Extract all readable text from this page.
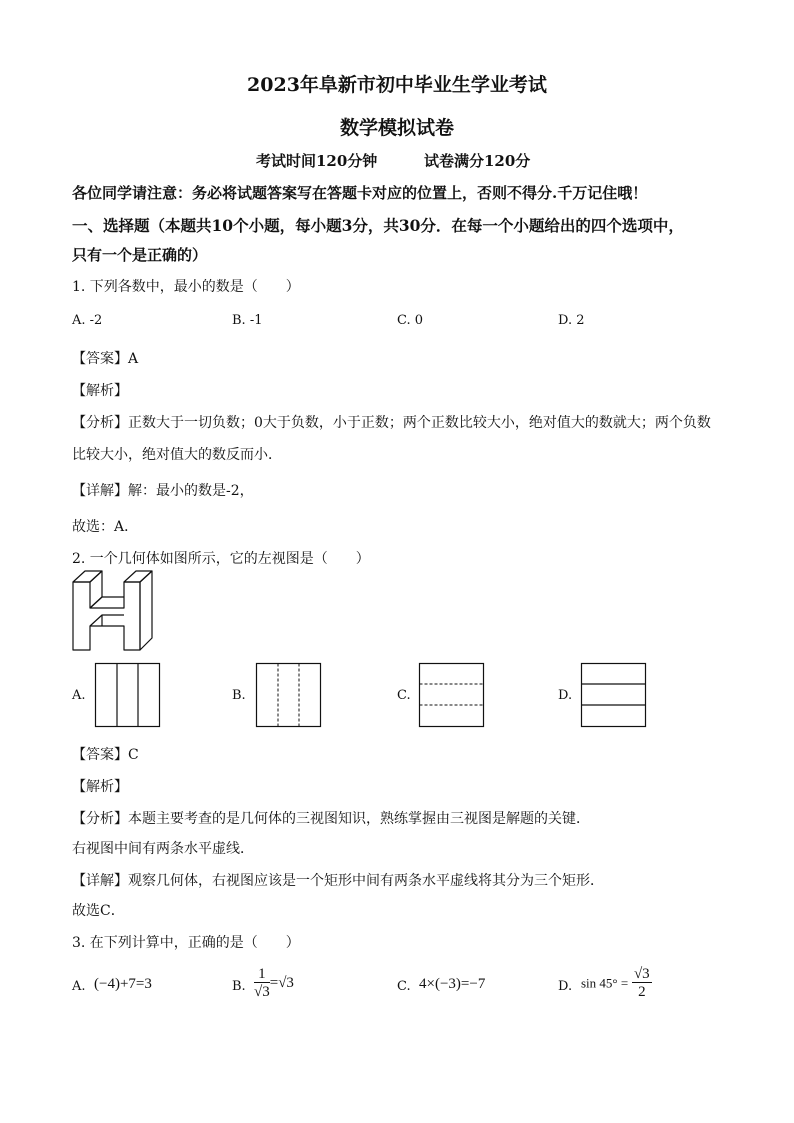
2023年阜新市初中毕业生学业考试
数学模拟试卷
考试时间120分钟	试卷满分120分
各位同学请注意：务必将试题答案写在答题卡对应的位置上，否则不得分.千万记住哦！
一、选择题（本题共10个小题，每小题3分，共30分．在每一个小题给出的四个选项中，
只有一个是正确的）
1. 下列各数中，最小的数是（　　）
A. -2	B. -1	C. 0	D. 2
【答案】A
【解析】
【分析】正数大于一切负数；0大于负数，小于正数；两个正数比较大小，绝对值大的数就大；两个负数
比较大小，绝对值大的数反而小．
【详解】解：最小的数是-2，
故选：A．
2. 一个几何体如图所示，它的左视图是（　　）
A.	B.	C.	D.
【答案】C
【解析】
【分析】本题主要考查的是几何体的三视图知识，熟练掌握由三视图是解题的关键．
右视图中间有两条水平虚线．
【详解】观察几何体，右视图应该是一个矩形中间有两条水平虚线将其分为三个矩形．
故选C．
3. 在下列计算中，正确的是（　　）
A. (−4)+7=3	B. $\frac{1}{√3} =√3$	C. 4×(−3)=−7	D. $\sin 45^\circ = \frac{√3}{2}$
